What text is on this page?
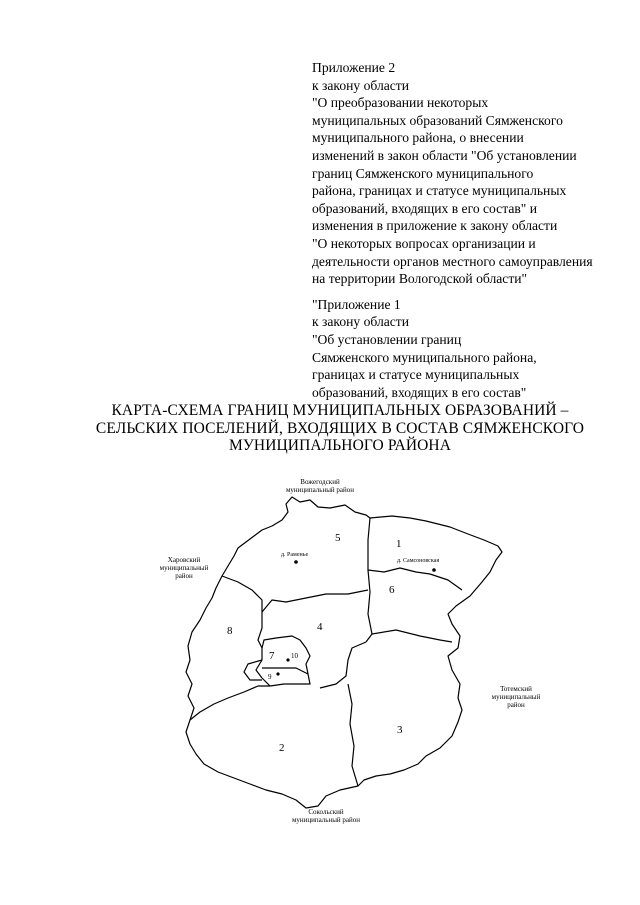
Приложение 2

к закону области

"О преобразовании некоторых

муниципальных образований Сямженского

муниципального района, о внесении

изменений в закон области "Об установлении

границ Сямженского муниципального

района, границах и статусе муниципальных

образований, входящих в его состав" и

изменения в приложение к закону области

"О некоторых вопросах организации и

деятельности органов местного самоуправления

на территории Вологодской области"

"Приложение 1

к закону области

"Об установлении границ

Сямженского муниципального района,

границах и статусе муниципальных

образований, входящих в его состав"

КАРТА-СХЕМА ГРАНИЦ МУНИЦИПАЛЬНЫХ ОБРАЗОВАНИЙ –
СЕЛЬСКИХ ПОСЕЛЕНИЙ, ВХОДЯЩИХ В СОСТАВ СЯМЖЕНСКОГО
МУНИЦИПАЛЬНОГО РАЙОНА
д. Раменье
д. Самсоновская
5	1
6
4
8
7 10
9
3
2
Вожегодский
муниципальный район
Харовский
муниципальный
район
Тотемский
муниципальный
район
Сокольский
муниципальный район
